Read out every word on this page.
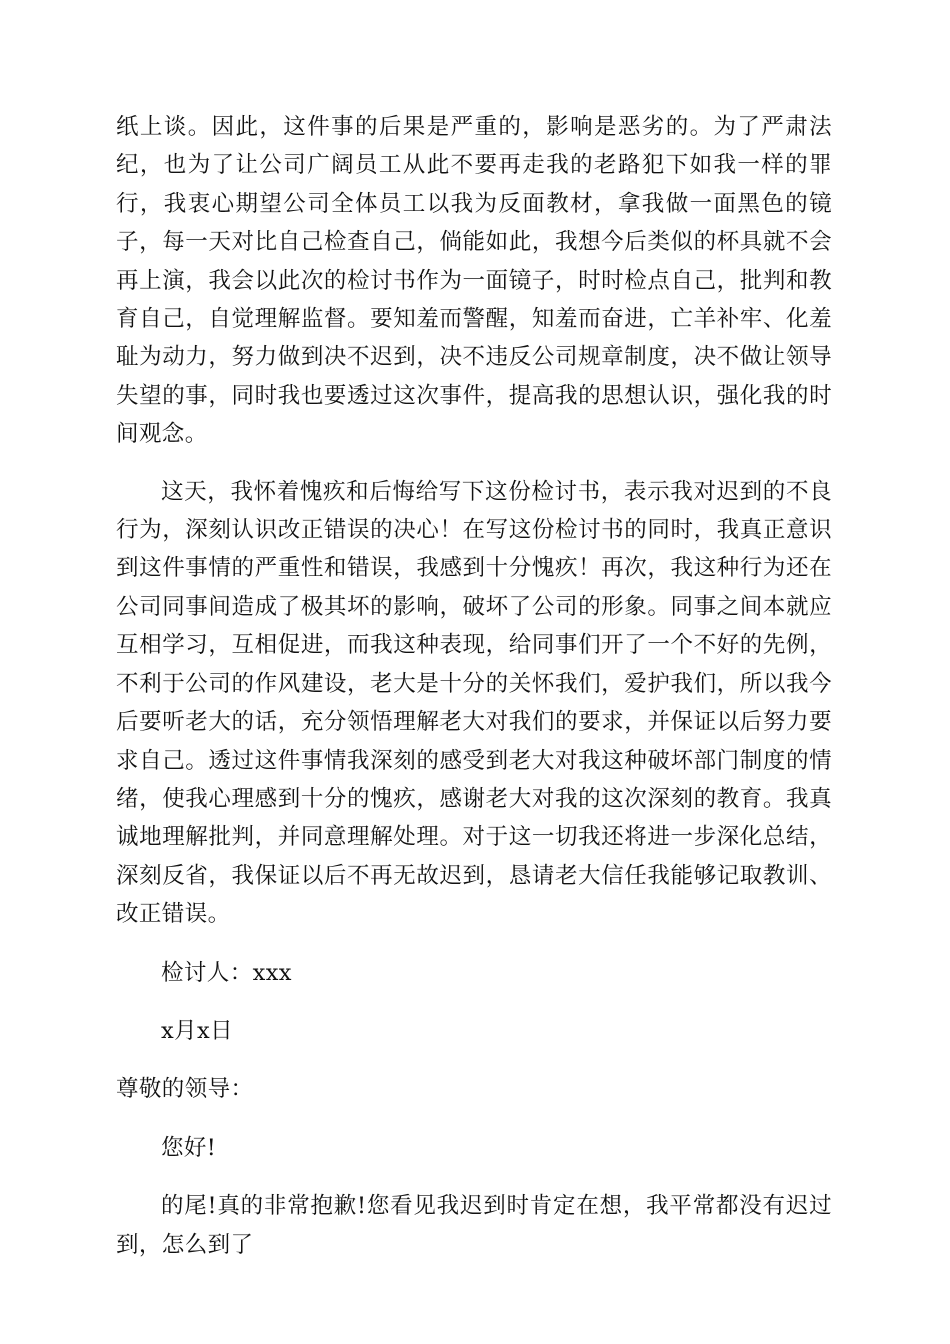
纸上谈。因此，这件事的后果是严重的，影响是恶劣的。为了严肃法纪，也为了让公司广阔员工从此不要再走我的老路犯下如我一样的罪行，我衷心期望公司全体员工以我为反面教材，拿我做一面黑色的镜子，每一天对比自己检查自己，倘能如此，我想今后类似的杯具就不会再上演，我会以此次的检讨书作为一面镜子，时时检点自己，批判和教育自己，自觉理解监督。要知羞而警醒，知羞而奋进，亡羊补牢、化羞耻为动力，努力做到决不迟到，决不违反公司规章制度，决不做让领导失望的事，同时我也要透过这次事件，提高我的思想认识，强化我的时间观念。

这天，我怀着愧疚和后悔给写下这份检讨书，表示我对迟到的不良行为，深刻认识改正错误的决心！在写这份检讨书的同时，我真正意识到这件事情的严重性和错误，我感到十分愧疚！再次，我这种行为还在公司同事间造成了极其坏的影响，破坏了公司的形象。同事之间本就应互相学习，互相促进，而我这种表现，给同事们开了一个不好的先例，不利于公司的作风建设，老大是十分的关怀我们，爱护我们，所以我今后要听老大的话，充分领悟理解老大对我们的要求，并保证以后努力要求自己。透过这件事情我深刻的感受到老大对我这种破坏部门制度的情绪，使我心理感到十分的愧疚，感谢老大对我的这次深刻的教育。我真诚地理解批判，并同意理解处理。对于这一切我还将进一步深化总结，深刻反省，我保证以后不再无故迟到，恳请老大信任我能够记取教训、改正错误。

检讨人：xxx

x月x日

尊敬的领导：

您好!

的尾!真的非常抱歉!您看见我迟到时肯定在想，我平常都没有迟过到，怎么到了
